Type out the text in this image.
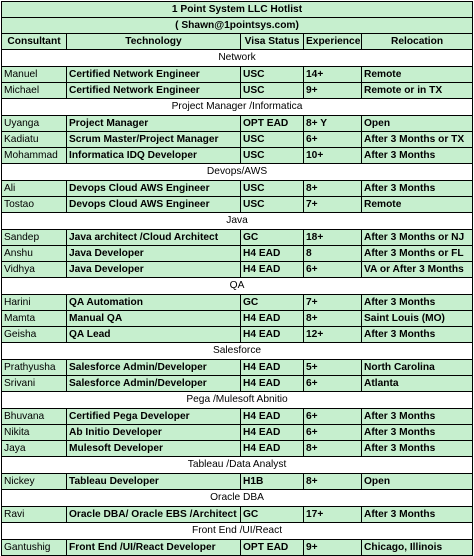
1 Point System LLC Hotlist				
( Shawn@1pointsys.com)				
Consultant	Technology	Visa Status	Experience	Relocation
Network				
Manuel	Certified Network Engineer	USC	14+	Remote
Michael	Certified Network Engineer	USC	9+	Remote or in TX
Project Manager /Informatica				
Uyanga	Project Manager	OPT EAD	8+ Y	Open
Kadiatu	Scrum Master/Project Manager	USC	6+	After 3 Months or TX
Mohammad	Informatica IDQ Developer	USC	10+	After 3 Months
Devops/AWS				
Ali	Devops Cloud AWS Engineer	USC	8+	After 3 Months
Tostao	Devops Cloud AWS Engineer	USC	7+	Remote
Java				
Sandep	Java architect /Cloud Architect	GC	18+	After 3 Months or NJ
Anshu	Java Developer	H4 EAD	8	After 3 Months or FL
Vidhya	Java Developer	H4 EAD	6+	VA or After 3 Months
QA				
Harini	QA Automation	GC	7+	After 3 Months
Mamta	Manual QA	H4 EAD	8+	Saint Louis (MO)
Geisha	QA Lead	H4 EAD	12+	After 3 Months
Salesforce				
Prathyusha	Salesforce Admin/Developer	H4 EAD	5+	North Carolina
Srivani	Salesforce Admin/Developer	H4 EAD	6+	Atlanta
Pega /Mulesoft Abnitio				
Bhuvana	Certified Pega Developer	H4 EAD	6+	After 3 Months
Nikita	Ab Initio Developer	H4 EAD	6+	After 3 Months
Jaya	Mulesoft Developer	H4 EAD	8+	After 3 Months
Tableau /Data Analyst				
Nickey	Tableau Developer	H1B	8+	Open
Oracle DBA				
Ravi	Oracle DBA/ Oracle EBS /Architect	GC	17+	After 3 Months
Front End /UI/React				
Gantushig	Front End /UI/React Developer	OPT EAD	9+	Chicago, Illinois
